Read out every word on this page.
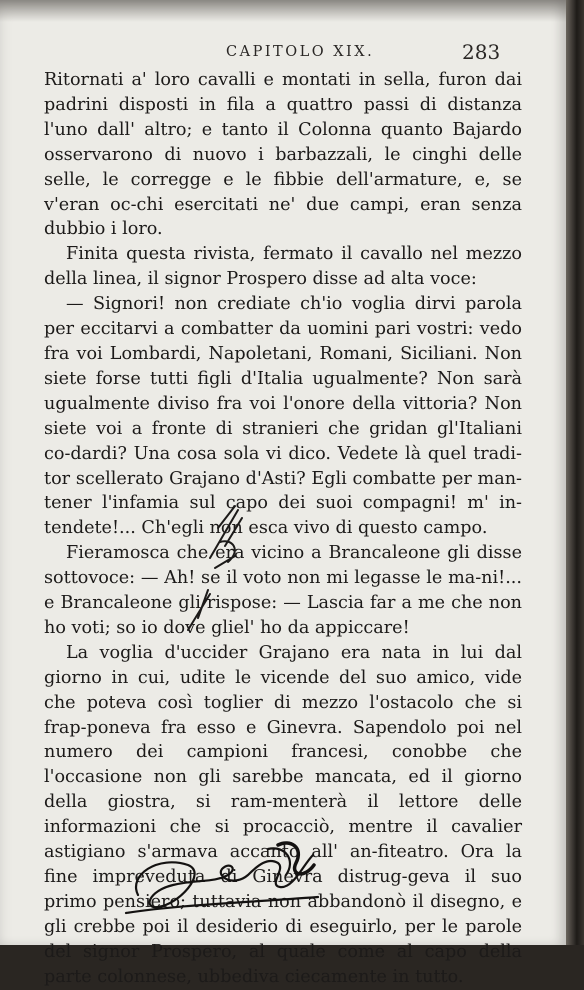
CAPITOLO XIX.	283

Ritornati a' loro cavalli e montati in sella, furon dai padrini disposti in fila a quattro passi di distanza l'uno dall' altro; e tanto il Colonna quanto Bajardo osservarono di nuovo i barbazzali, le cinghi delle selle, le corregge e le fibbie dell'armature, e, se v'eran oc-chi esercitati ne' due campi, eran senza dubbio i loro.

Finita questa rivista, fermato il cavallo nel mezzo della linea, il signor Prospero disse ad alta voce:

— Signori! non crediate ch'io voglia dirvi parola per eccitarvi a combatter da uomini pari vostri: vedo fra voi Lombardi, Napoletani, Romani, Siciliani. Non siete forse tutti figli d'Italia ugualmente? Non sarà ugualmente diviso fra voi l'onore della vittoria? Non siete voi a fronte di stranieri che gridan gl'Italiani co-dardi? Una cosa sola vi dico. Vedete là quel tradi-tor scellerato Grajano d'Asti? Egli combatte per man-tener l'infamia sul capo dei suoi compagni! m' in-tendete!... Ch'egli non esca vivo di questo campo.

Fieramosca che era vicino a Brancaleone gli disse sottovoce: — Ah! se il voto non mi legasse le ma-ni!... e Brancaleone gli rispose: — Lascia far a me che non ho voti; so io dove gliel' ho da appiccare!

La voglia d'uccider Grajano era nata in lui dal giorno in cui, udite le vicende del suo amico, vide che poteva così toglier di mezzo l'ostacolo che si frap-poneva fra esso e Ginevra. Sapendolo poi nel numero dei campioni francesi, conobbe che l'occasione non gli sarebbe mancata, ed il giorno della giostra, si ram-menterà il lettore delle informazioni che si procacciò, mentre il cavalier astigiano s'armava accanto all' an-fiteatro. Ora la fine impreveduta di Ginevra distrug-geva il suo primo pensiero; tuttavia non abbandonò il disegno, e gli crebbe poi il desiderio di eseguirlo, per le parole del signor Prospero, al quale come al capo della parte colonnese, ubbediva ciecamente in tutto.
